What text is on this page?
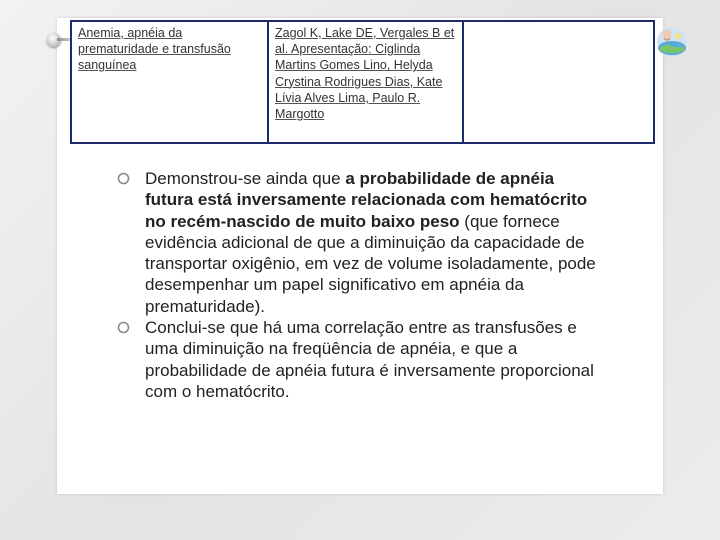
Anemia, apnéia da prematuridade e transfusão sanguínea	Zagol K, Lake DE, Vergales B et al. Apresentação: Ciglinda Martins Gomes Lino, Helyda Crystina Rodrigues Dias, Kate Lívia Alves Lima, Paulo R. Margotto	
Demonstrou-se ainda que a probabilidade de apnéia futura está inversamente relacionada com hematócrito no recém-nascido de muito baixo peso (que fornece evidência adicional de que a diminuição da capacidade de transportar oxigênio, em vez de volume isoladamente, pode desempenhar um papel significativo em apnéia da prematuridade).
Conclui-se que há uma correlação entre as transfusões e uma diminuição na freqüência de apnéia, e que a probabilidade de apnéia futura é inversamente proporcional com o hematócrito.
